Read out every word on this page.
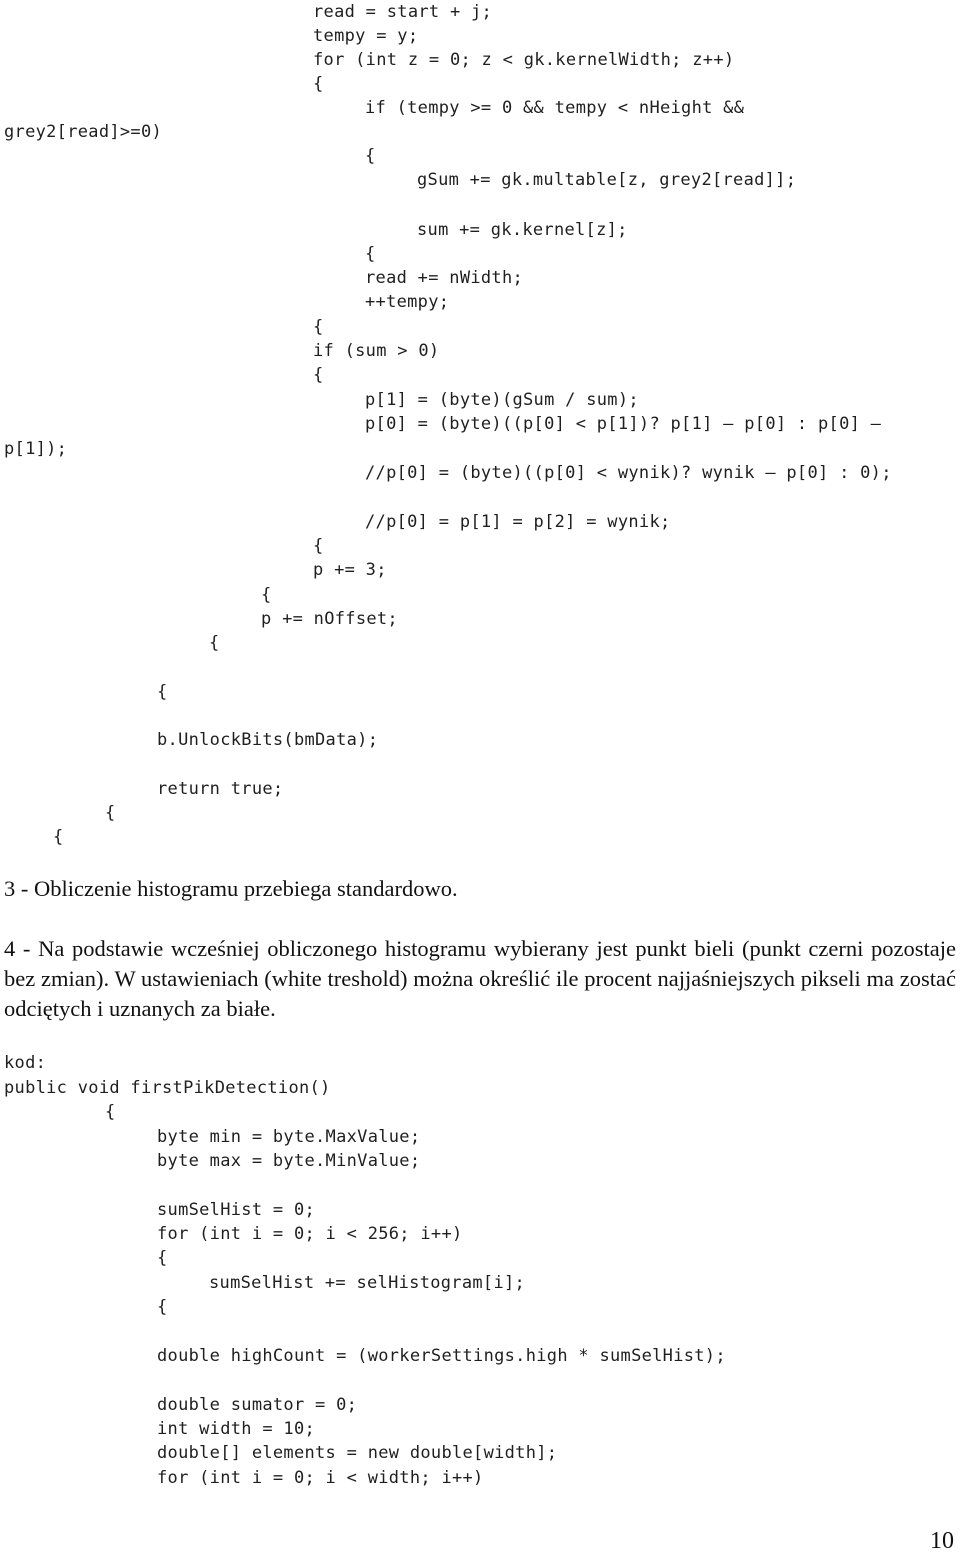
read = start + j;
tempy = y;
for (int z = 0; z < gk.kernelWidth; z++)
{
if (tempy >= 0 && tempy < nHeight &&
grey2[read]>=0)
{
gSum += gk.multable[z, grey2[read]];
sum += gk.kernel[z];
{
read += nWidth;
++tempy;
{
if (sum > 0)
{
p[1] = (byte)(gSum / sum);
p[0] = (byte)((p[0] < p[1])? p[1] – p[0] : p[0] –
p[1]);
//p[0] = (byte)((p[0] < wynik)? wynik – p[0] : 0);
//p[0] = p[1] = p[2] = wynik;
{
p += 3;
{
p += nOffset;
{
{
b.UnlockBits(bmData);
return true;
{
{
3 - Obliczenie histogramu przebiega standardowo.
4 - Na podstawie wcześniej obliczonego histogramu wybierany jest punkt bieli (punkt czerni pozostaje bez zmian). W ustawieniach (white treshold) można określić ile procent najjaśniejszych pikseli ma zostać odciętych i uznanych za białe.
kod:
public void firstPikDetection()
{
byte min = byte.MaxValue;
byte max = byte.MinValue;
sumSelHist = 0;
for (int i = 0; i < 256; i++)
{
sumSelHist += selHistogram[i];
{
double highCount = (workerSettings.high * sumSelHist);
double sumator = 0;
int width = 10;
double[] elements = new double[width];
for (int i = 0; i < width; i++)
10
